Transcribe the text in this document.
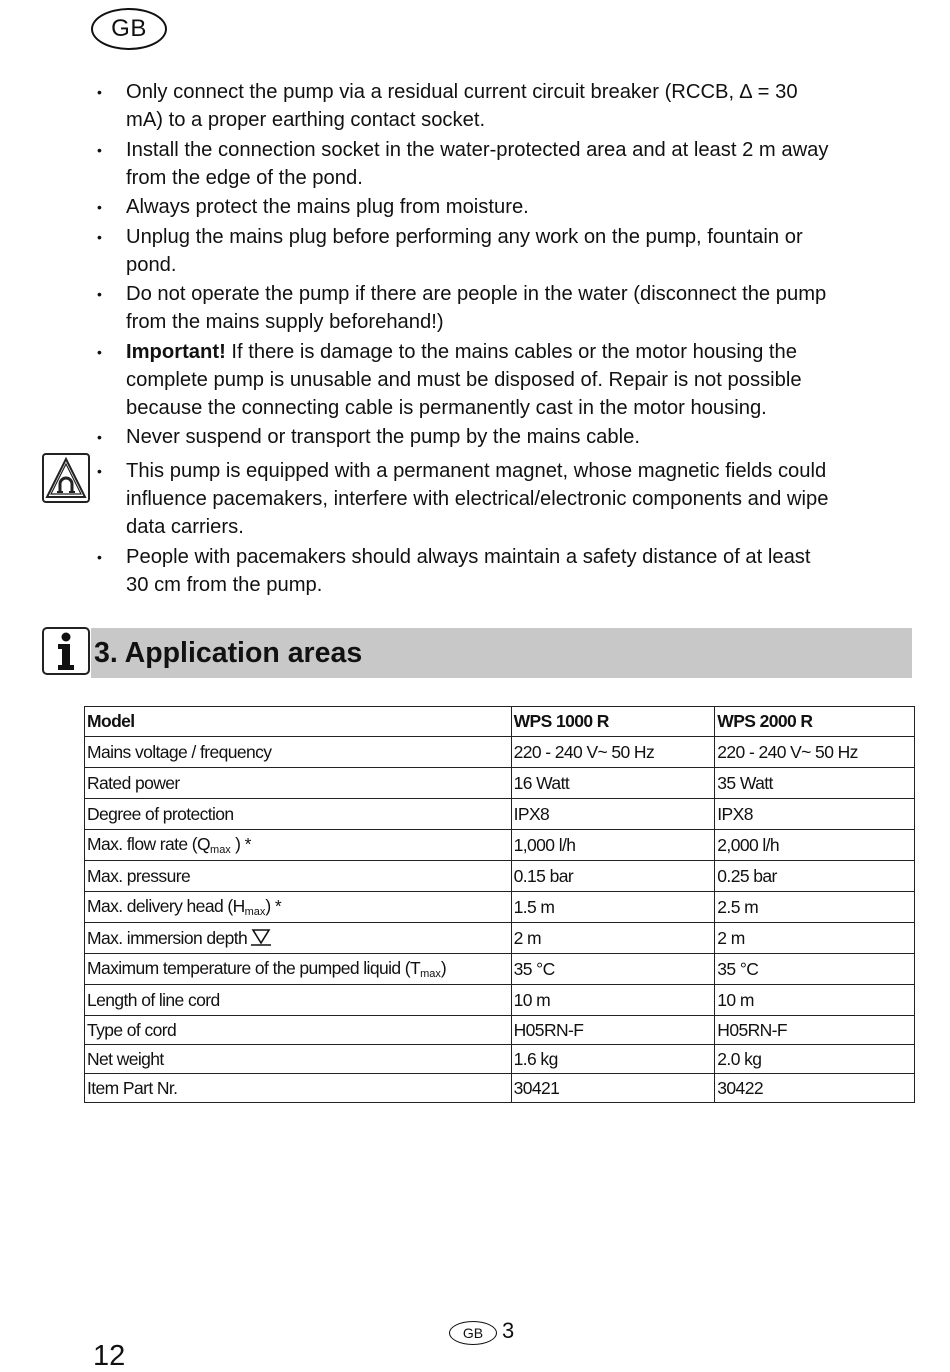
GB
• Only connect the pump via a residual current circuit breaker (RCCB, ∆ = 30
mA) to a proper earthing contact socket.
• Install the connection socket in the water-protected area and at least 2 m away
from the edge of the pond.
• Always protect the mains plug from moisture.
• Unplug the mains plug before performing any work on the pump, fountain or
pond.
• Do not operate the pump if there are people in the water (disconnect the pump
from the mains supply beforehand!)
• Important! If there is damage to the mains cables or the motor housing the
complete pump is unusable and must be disposed of. Repair is not possible
because the connecting cable is permanently cast in the motor housing.
• Never suspend or transport the pump by the mains cable.
• This pump is equipped with a permanent magnet, whose magnetic fields could
influence pacemakers, interfere with electrical/electronic components and wipe
data carriers.
• People with pacemakers should always maintain a safety distance of at least
30 cm from the pump.
3. Application areas
Model	WPS 1000 R	WPS 2000 R
Mains voltage / frequency	220 - 240 V~ 50 Hz	220 - 240 V~ 50 Hz
Rated power	16 Watt	35 Watt
Degree of protection	IPX8	IPX8
Max. flow rate ($Q_{max}$ ) *	1,000 l/h	2,000 l/h
Max. pressure	0.15 bar	0.25 bar
Max. delivery head $(H_{max})$ *	1.5 m	2.5 m
Max. immersion depth	2 m	2 m
Maximum temperature of the pumped liquid $(T_{max})$	35 °C	35 °C
Length of line cord	10 m	10 m
Type of cord	H05RN-F	H05RN-F
Net weight	1.6 kg	2.0 kg
Item Part Nr.	30421	30422
GB 3
12
